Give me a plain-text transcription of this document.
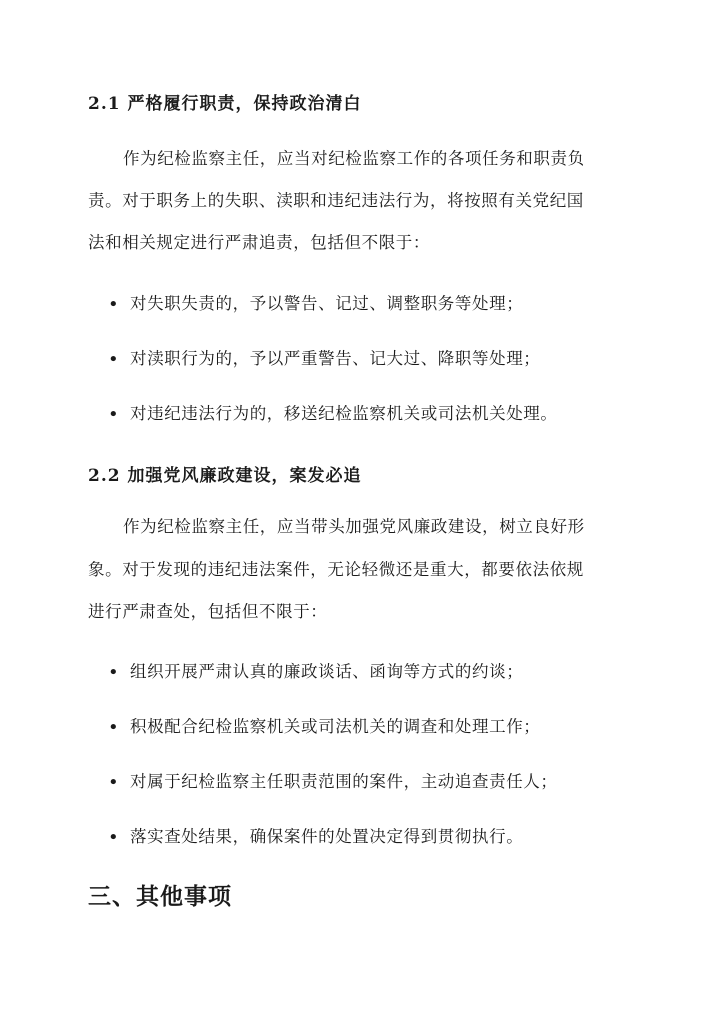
2.1 严格履行职责，保持政治清白
作为纪检监察主任，应当对纪检监察工作的各项任务和职责负
责。对于职务上的失职、渎职和违纪违法行为，将按照有关党纪国
法和相关规定进行严肃追责，包括但不限于：
• 对失职失责的，予以警告、记过、调整职务等处理；
• 对渎职行为的，予以严重警告、记大过、降职等处理；
• 对违纪违法行为的，移送纪检监察机关或司法机关处理。
2.2 加强党风廉政建设，案发必追
作为纪检监察主任，应当带头加强党风廉政建设，树立良好形
象。对于发现的违纪违法案件，无论轻微还是重大，都要依法依规
进行严肃查处，包括但不限于：
• 组织开展严肃认真的廉政谈话、函询等方式的约谈；
• 积极配合纪检监察机关或司法机关的调查和处理工作；
• 对属于纪检监察主任职责范围的案件，主动追查责任人；
• 落实查处结果，确保案件的处置决定得到贯彻执行。
三、其他事项
